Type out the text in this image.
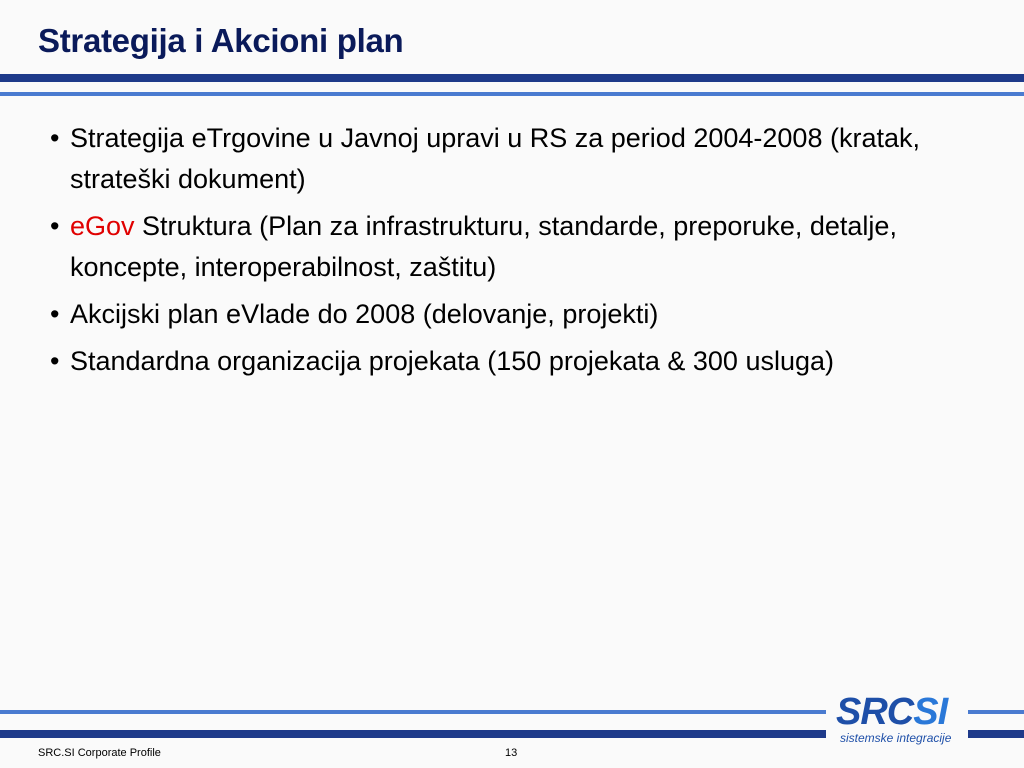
Strategija i Akcioni plan
• Strategija eTrgovine u Javnoj upravi u RS za period 2004-2008 (kratak, strateški dokument)
• eGov Struktura (Plan za infrastrukturu, standarde, preporuke, detalje, koncepte, interoperabilnost, zaštitu)
• Akcijski plan eVlade do 2008 (delovanje, projekti)
• Standardna organizacija projekata (150 projekata & 300 usluga)
SRCSI
sistemske integracije
SRC.SI Corporate Profile	13
